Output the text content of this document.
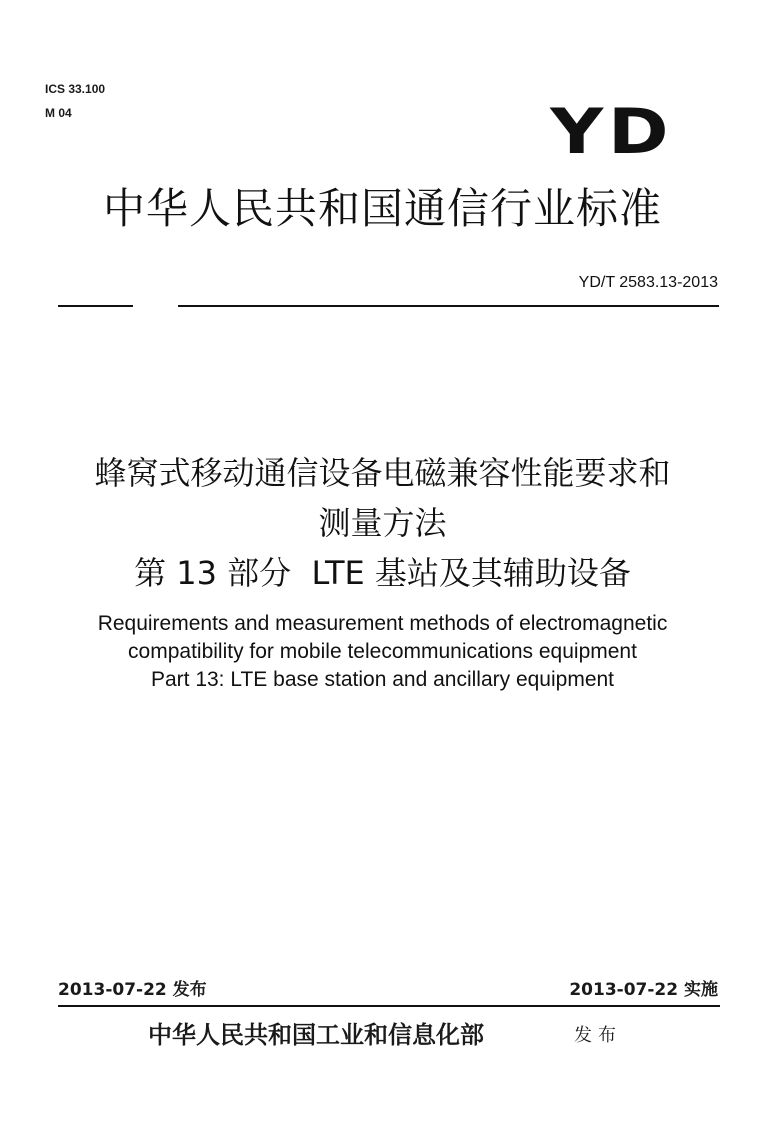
ICS 33.100
M 04	YD
中华人民共和国通信行业标准
YD/T 2583.13-2013
蜂窝式移动通信设备电磁兼容性能要求和
测量方法
第 13 部分  LTE 基站及其辅助设备
Requirements and measurement methods of electromagnetic
compatibility for mobile telecommunications equipment
Part 13: LTE base station and ancillary equipment
2013-07-22 发布	2013-07-22 实施
中华人民共和国工业和信息化部	发布
